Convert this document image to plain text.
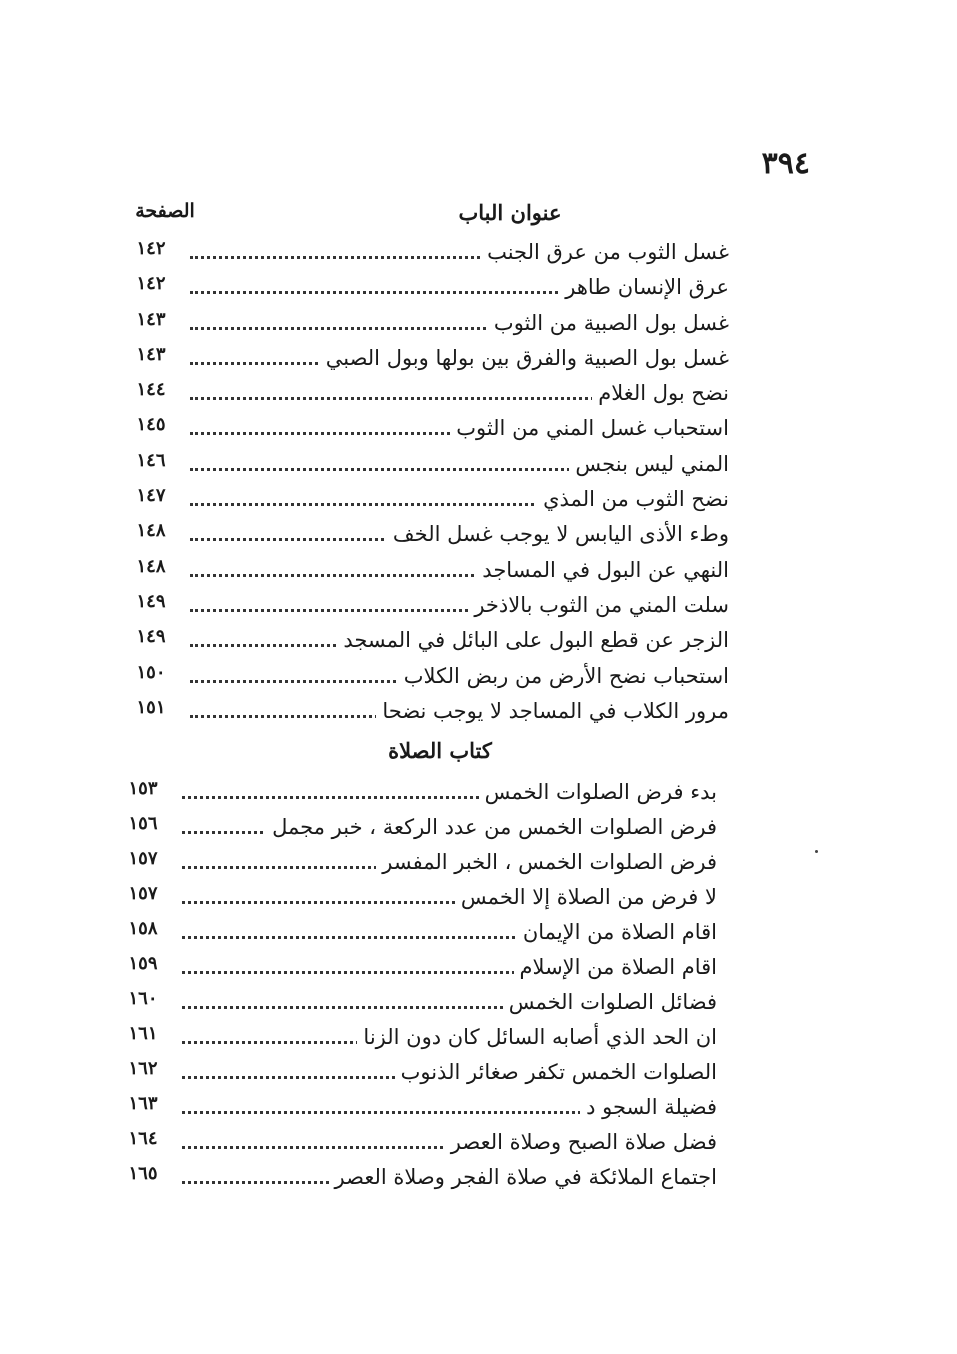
٣٩٤
عنوان الباب
الصفحة
غسل الثوب من عرق الجنب
١٤٢
عرق الإنسان طاهر
١٤٢
غسل بول الصبية من الثوب
١٤٣
غسل بول الصبية والفرق بين بولها وبول الصبي
١٤٣
نضح بول الغلام
١٤٤
استحباب غسل المني من الثوب
١٤٥
المني ليس بنجس
١٤٦
نضح الثوب من المذي
١٤٧
وطء الأذى اليابس لا يوجب غسل الخف
١٤٨
النهي عن البول في المساجد
١٤٨
سلت المني من الثوب بالاذخر
١٤٩
الزجر عن قطع البول على البائل في المسجد
١٤٩
استحباب نضح الأرض من ربض الكلاب
١٥٠
مرور الكلاب في المساجد لا يوجب نضحا
١٥١
كتاب الصلاة
بدء فرض الصلوات الخمس
١٥٣
فرض الصلوات الخمس من عدد الركعة ، خبر مجمل
١٥٦
فرض الصلوات الخمس ، الخبر المفسر
١٥٧
لا فرض من الصلاة إلا الخمس
١٥٧
اقام الصلاة من الإيمان
١٥٨
اقام الصلاة من الإسلام
١٥٩
فضائل الصلوات الخمس
١٦٠
ان الحد الذي أصابه السائل كان دون الزنا
١٦١
الصلوات الخمس تكفر صغائر الذنوب
١٦٢
فضيلة السجو د
١٦٣
فضل صلاة الصبح وصلاة العصر
١٦٤
اجتماع الملائكة في صلاة الفجر وصلاة العصر
١٦٥
